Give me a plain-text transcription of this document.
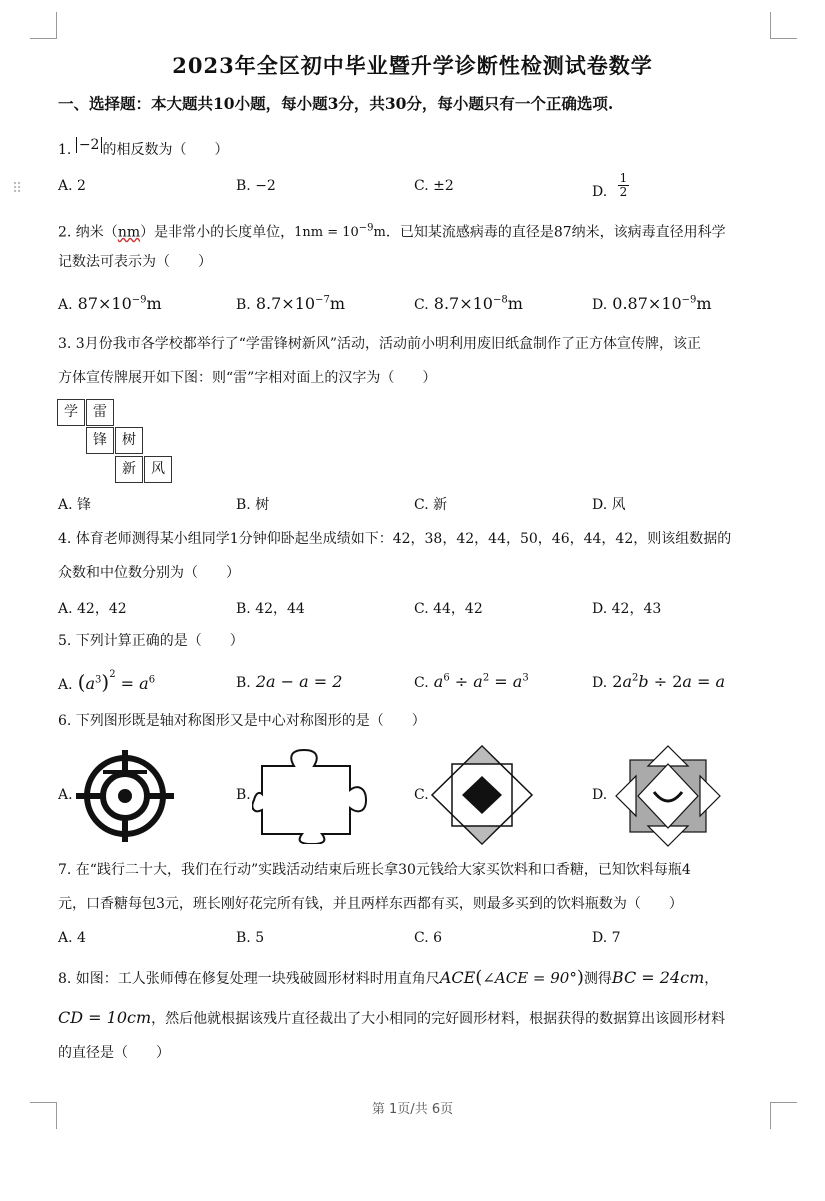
⠿
2023年全区初中毕业暨升学诊断性检测试卷数学
一、选择题：本大题共10小题，每小题3分，共30分，每小题只有一个正确选项.
1. −2 的相反数为（　　）
A. 2	B. −2	C. ±2	D. $\frac{1}{2}$
2. 纳米（nm）是非常小的长度单位，$1nm = 10^{-9}m$．已知某流感病毒的直径是87纳米，该病毒直径用科学
记数法可表示为（　　）
A. $87\times 10^{-9}m$	B. $8.7\times 10^{-7}m$	C. $8.7\times 10^{-8}m$	D. $0.87\times 10^{-9}m$
3. 3月份我市各学校都举行了“学雷锋树新风”活动，活动前小明利用废旧纸盒制作了正方体宣传牌，该正
方体宣传牌展开如下图：则“雷”字相对面上的汉字为（　　）
学	雷
锋	树
新	风
A. 锋	B. 树	C. 新	D. 风
4. 体育老师测得某小组同学1分钟仰卧起坐成绩如下：42，38，42，44，50，46，44，42，则该组数据的
众数和中位数分别为（　　）
A. 42，42	B. 42，44	C. 44，42	D. 42，43
5. 下列计算正确的是（　　）
A. $(a^3)^2 = a^6$	B. 2a − a = 2	C. $a^6 \div a^2 = a^3$	D. $2a^2b \div 2a = a$
6. 下列图形既是轴对称图形又是中心对称图形的是（　　）
A.	B.	C.	D.
7. 在“践行二十大，我们在行动”实践活动结束后班长拿30元钱给大家买饮料和口香糖，已知饮料每瓶4
元，口香糖每包3元，班长刚好花完所有钱，并且两样东西都有买，则最多买到的饮料瓶数为（　　）
A. 4	B. 5	C. 6	D. 7
8. 如图：工人张师傅在修复处理一块残破圆形材料时用直角尺ACE(∠ACE = 90°)测得BC = 24cm，
CD = 10cm，然后他就根据该残片直径裁出了大小相同的完好圆形材料，根据获得的数据算出该圆形材料
的直径是（　　）
第 1页/共 6页
